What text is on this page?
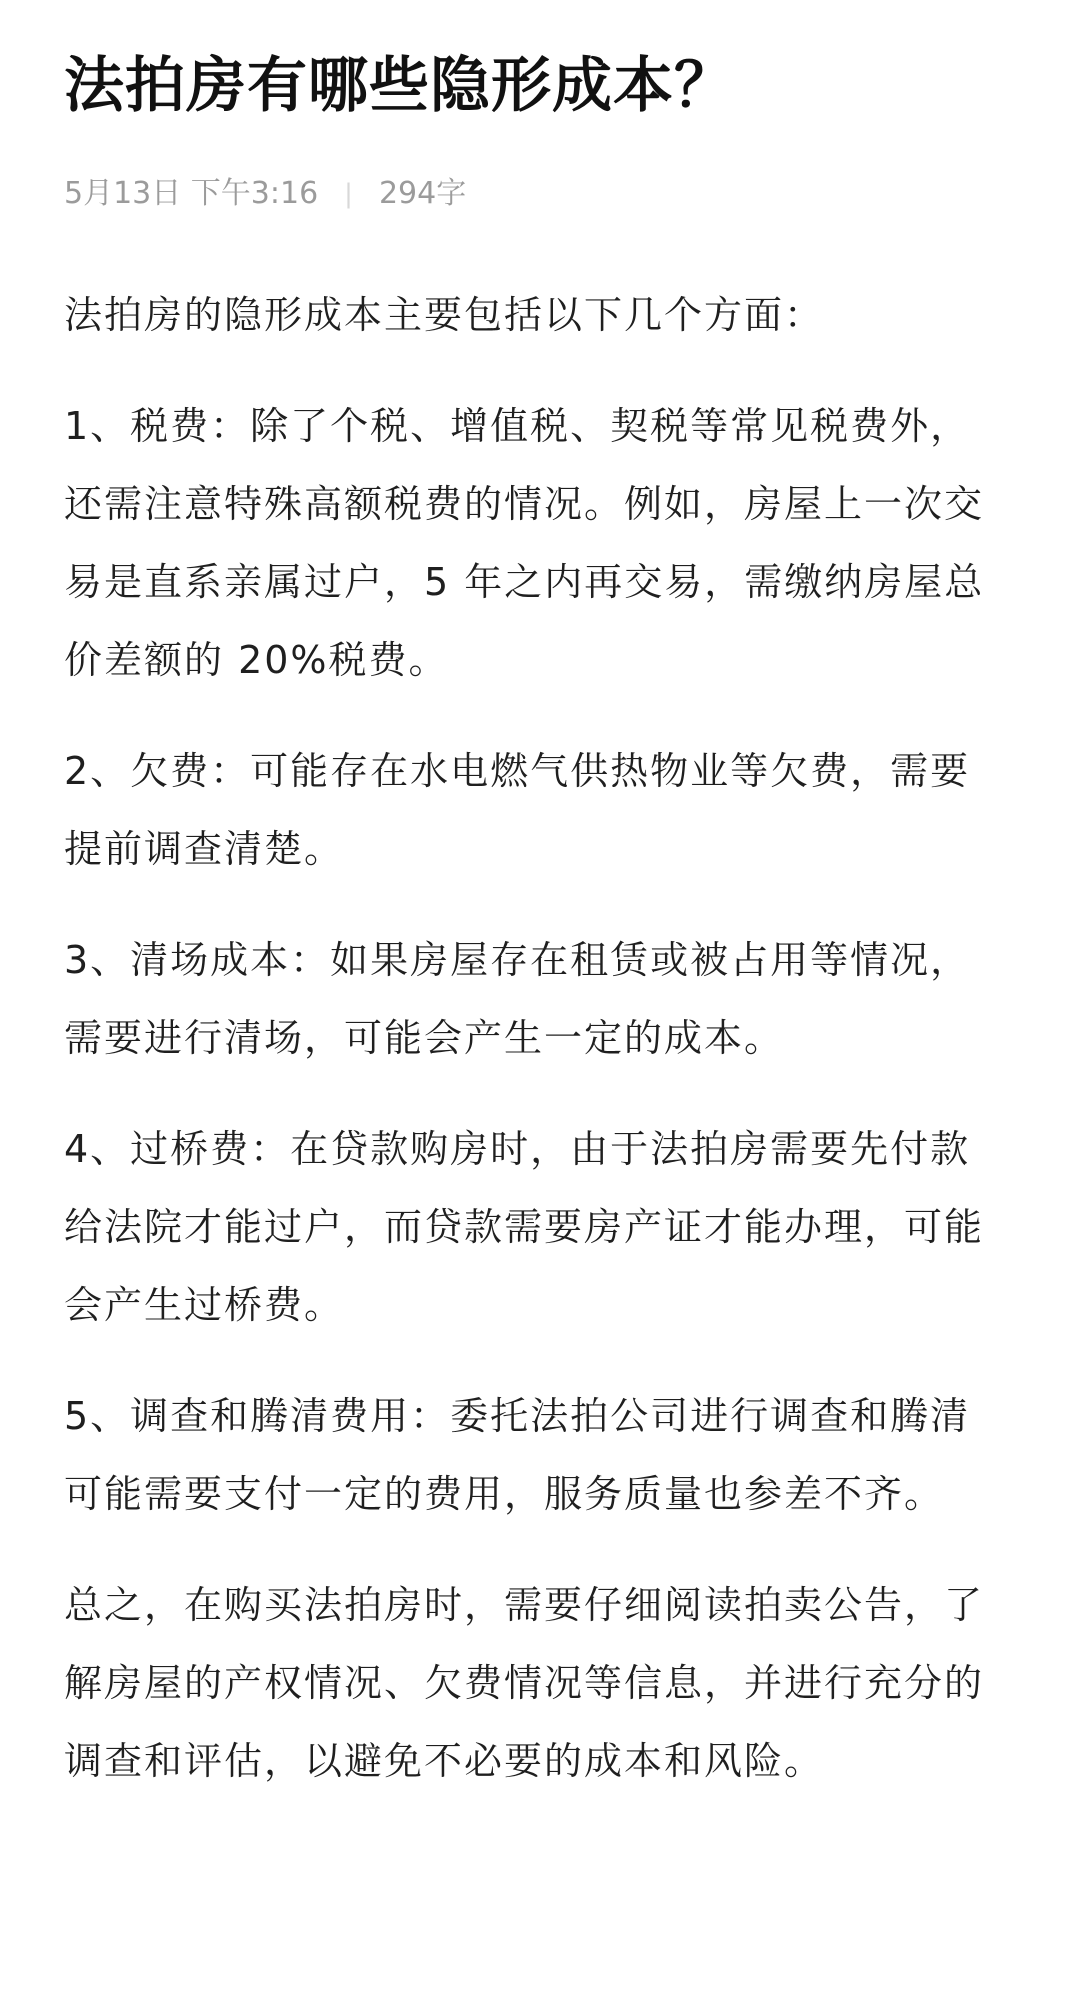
法拍房有哪些隐形成本？
5月13日 下午3:16 | 294字

法拍房的隐形成本主要包括以下几个方面：

1、税费：除了个税、增值税、契税等常见税费外，还需注意特殊高额税费的情况。例如，房屋上一次交易是直系亲属过户，5 年之内再交易，需缴纳房屋总价差额的 20%税费。

2、欠费：可能存在水电燃气供热物业等欠费，需要提前调查清楚。

3、清场成本：如果房屋存在租赁或被占用等情况，需要进行清场，可能会产生一定的成本。

4、过桥费：在贷款购房时，由于法拍房需要先付款给法院才能过户，而贷款需要房产证才能办理，可能会产生过桥费。

5、调查和腾清费用：委托法拍公司进行调查和腾清可能需要支付一定的费用，服务质量也参差不齐。

总之，在购买法拍房时，需要仔细阅读拍卖公告，了解房屋的产权情况、欠费情况等信息，并进行充分的调查和评估，以避免不必要的成本和风险。
